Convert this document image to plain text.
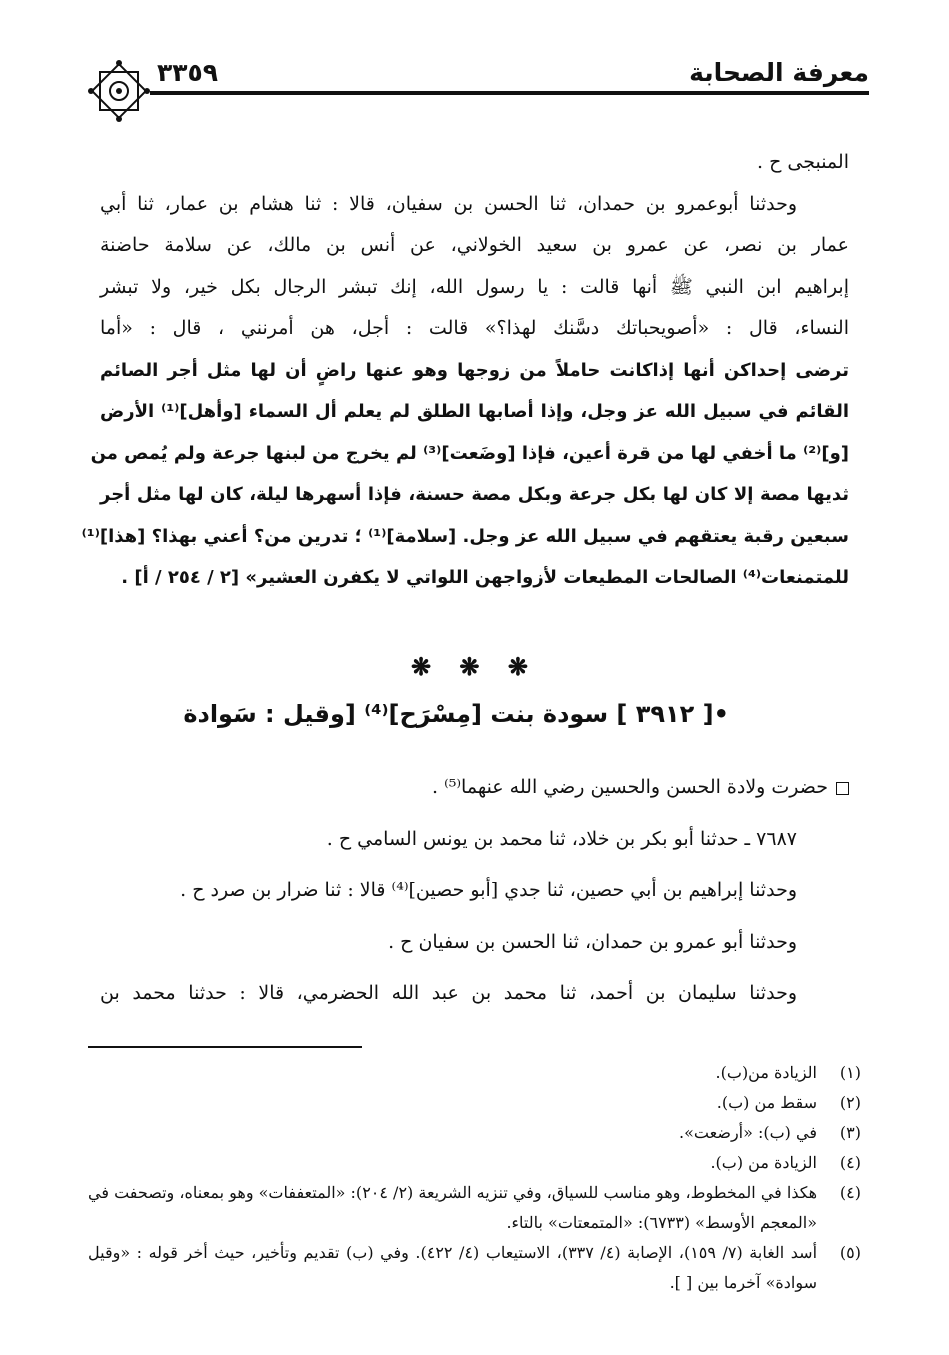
معرفة الصحابة
٣٣٥٩
المنبجى ح .
وحدثنا أبوعمرو بن حمدان، ثنا الحسن بن سفيان، قالا : ثنا هشام بن عمار، ثنا أبي
عمار بن نصر، عن عمرو بن سعيد الخولاني، عن أنس بن مالك، عن سلامة حاضنة
إبراهيم ابن النبي ﷺ أنها قالت : يا رسول الله، إنك تبشر الرجال بكل خير، ولا تبشر
النساء، قال : «أصويحباتك دسَّنك لهذا؟» قالت : أجل، هن أمرنني ، قال : «أما
ترضى إحداكن أنها إذاكانت حاملاً من زوجها وهو عنها راضٍ أن لها مثل أجر الصائم
القائم في سبيل الله عز وجل، وإذا أصابها الطلق لم يعلم أل السماء [وأهل]⁽¹⁾ الأرض
[و]⁽²⁾ ما أخفي لها من قرة أعين، فإذا [وضَعت]⁽³⁾ لم يخرج من لبنها جرعة ولم يُمص من
ثديها مصة إلا كان لها بكل جرعة وبكل مصة حسنة، فإذا أسهرها ليلة، كان لها مثل أجر
سبعين رقبة يعتقهم في سبيل الله عز وجل. [سلامة]⁽¹⁾ ؛ تدرين من؟ أعني بهذا؟ [هذا]⁽¹⁾
للمتمنعات⁽⁴⁾ الصالحات المطيعات لأزواجهن اللواتي لا يكفرن العشير» [٢ / ٢٥٤ / أ] .
❋ ❋ ❋
•[ ٣٩١٢ ] سودة بنت [مِسْرَح]⁽⁴⁾ [وقيل : سَوادة
حضرت ولادة الحسن والحسين رضي الله عنهما⁽⁵⁾ .
٧٦٨٧ ـ حدثنا أبو بكر بن خلاد، ثنا محمد بن يونس السامي ح .
وحدثنا إبراهيم بن أبي حصين، ثنا جدي [أبو حصين]⁽⁴⁾ قالا : ثنا ضرار بن صرد ح .
وحدثنا أبو عمرو بن حمدان، ثنا الحسن بن سفيان ح .
وحدثنا سليمان بن أحمد، ثنا محمد بن عبد الله الحضرمي، قالا : حدثنا محمد بن
(١)
الزيادة من(ب).
(٢)
سقط من (ب).
(٣)
في (ب): «أرضعت».
(٤)
الزيادة من (ب).
(٤)
هكذا في المخطوط، وهو مناسب للسياق، وفي تنزيه الشريعة (٢/ ٢٠٤): «المتعففات» وهو بمعناه، وتصحفت في «المعجم الأوسط» (٦٧٣٣): «المتمعتات» بالتاء.
(٥)
أسد الغابة (٧/ ١٥٩)، الإصابة (٤/ ٣٣٧)، الاستيعاب (٤/ ٤٢٢). وفي (ب) تقديم وتأخير، حيث أخر قوله : «وقيل سوادة» آخرما بين [ ].
